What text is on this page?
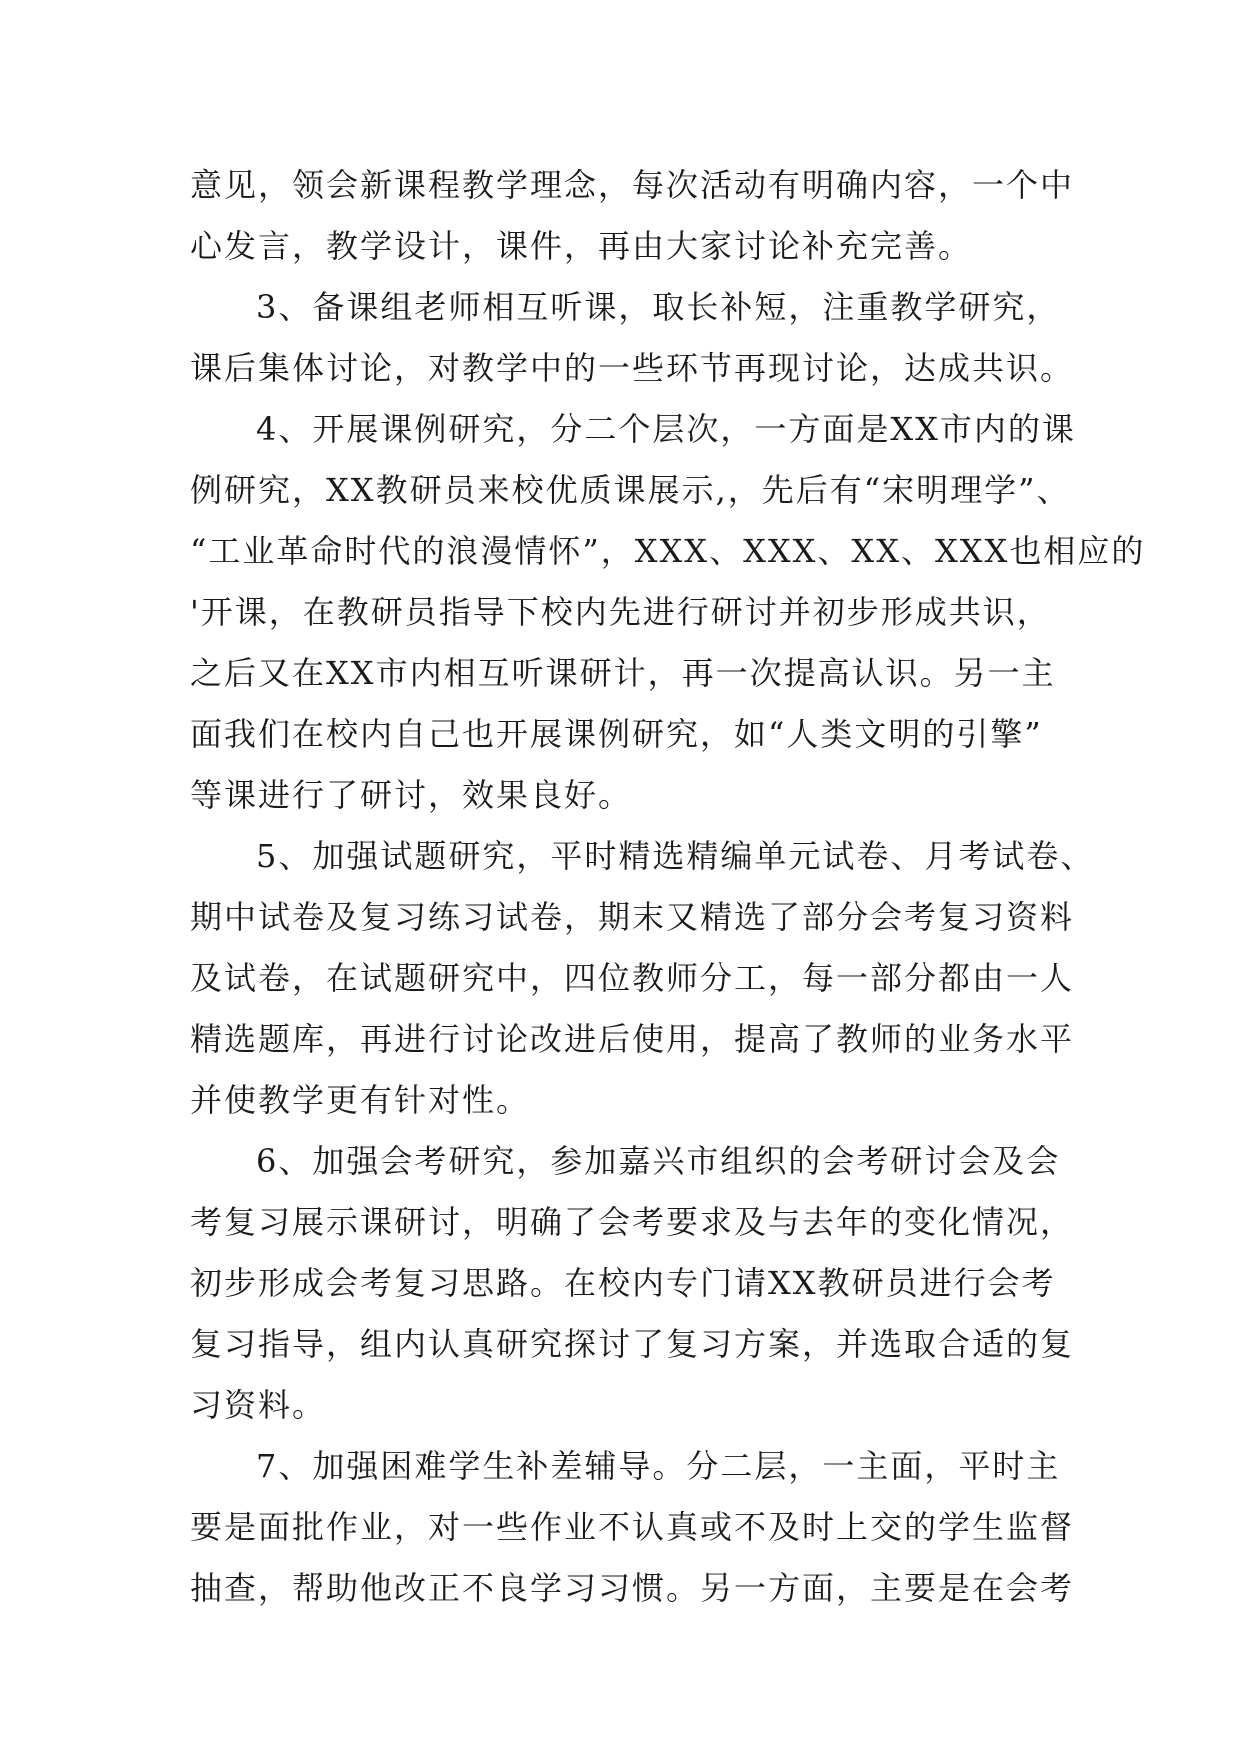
意见，领会新课程教学理念，每次活动有明确内容，一个中
心发言，教学设计，课件，再由大家讨论补充完善。
3、备课组老师相互听课，取长补短，注重教学研究，
课后集体讨论，对教学中的一些环节再现讨论，达成共识。
4、开展课例研究，分二个层次，一方面是XX市内的课
例研究，XX教研员来校优质课展示,，先后有“宋明理学”、
“工业革命时代的浪漫情怀”，XXX、XXX、XX、XXX也相应的
'开课，在教研员指导下校内先进行研讨并初步形成共识，
之后又在XX市内相互听课研计，再一次提高认识。另一主
面我们在校内自己也开展课例研究，如“人类文明的引擎”
等课进行了研讨，效果良好。
5、加强试题研究，平时精选精编单元试卷、月考试卷、
期中试卷及复习练习试卷，期末又精选了部分会考复习资料
及试卷，在试题研究中，四位教师分工，每一部分都由一人
精选题库，再进行讨论改进后使用，提高了教师的业务水平
并使教学更有针对性。
6、加强会考研究，参加嘉兴市组织的会考研讨会及会
考复习展示课研讨，明确了会考要求及与去年的变化情况，
初步形成会考复习思路。在校内专门请XX教研员进行会考
复习指导，组内认真研究探讨了复习方案，并选取合适的复
习资料。
7、加强困难学生补差辅导。分二层，一主面，平时主
要是面批作业，对一些作业不认真或不及时上交的学生监督
抽查，帮助他改正不良学习习惯。另一方面，主要是在会考
